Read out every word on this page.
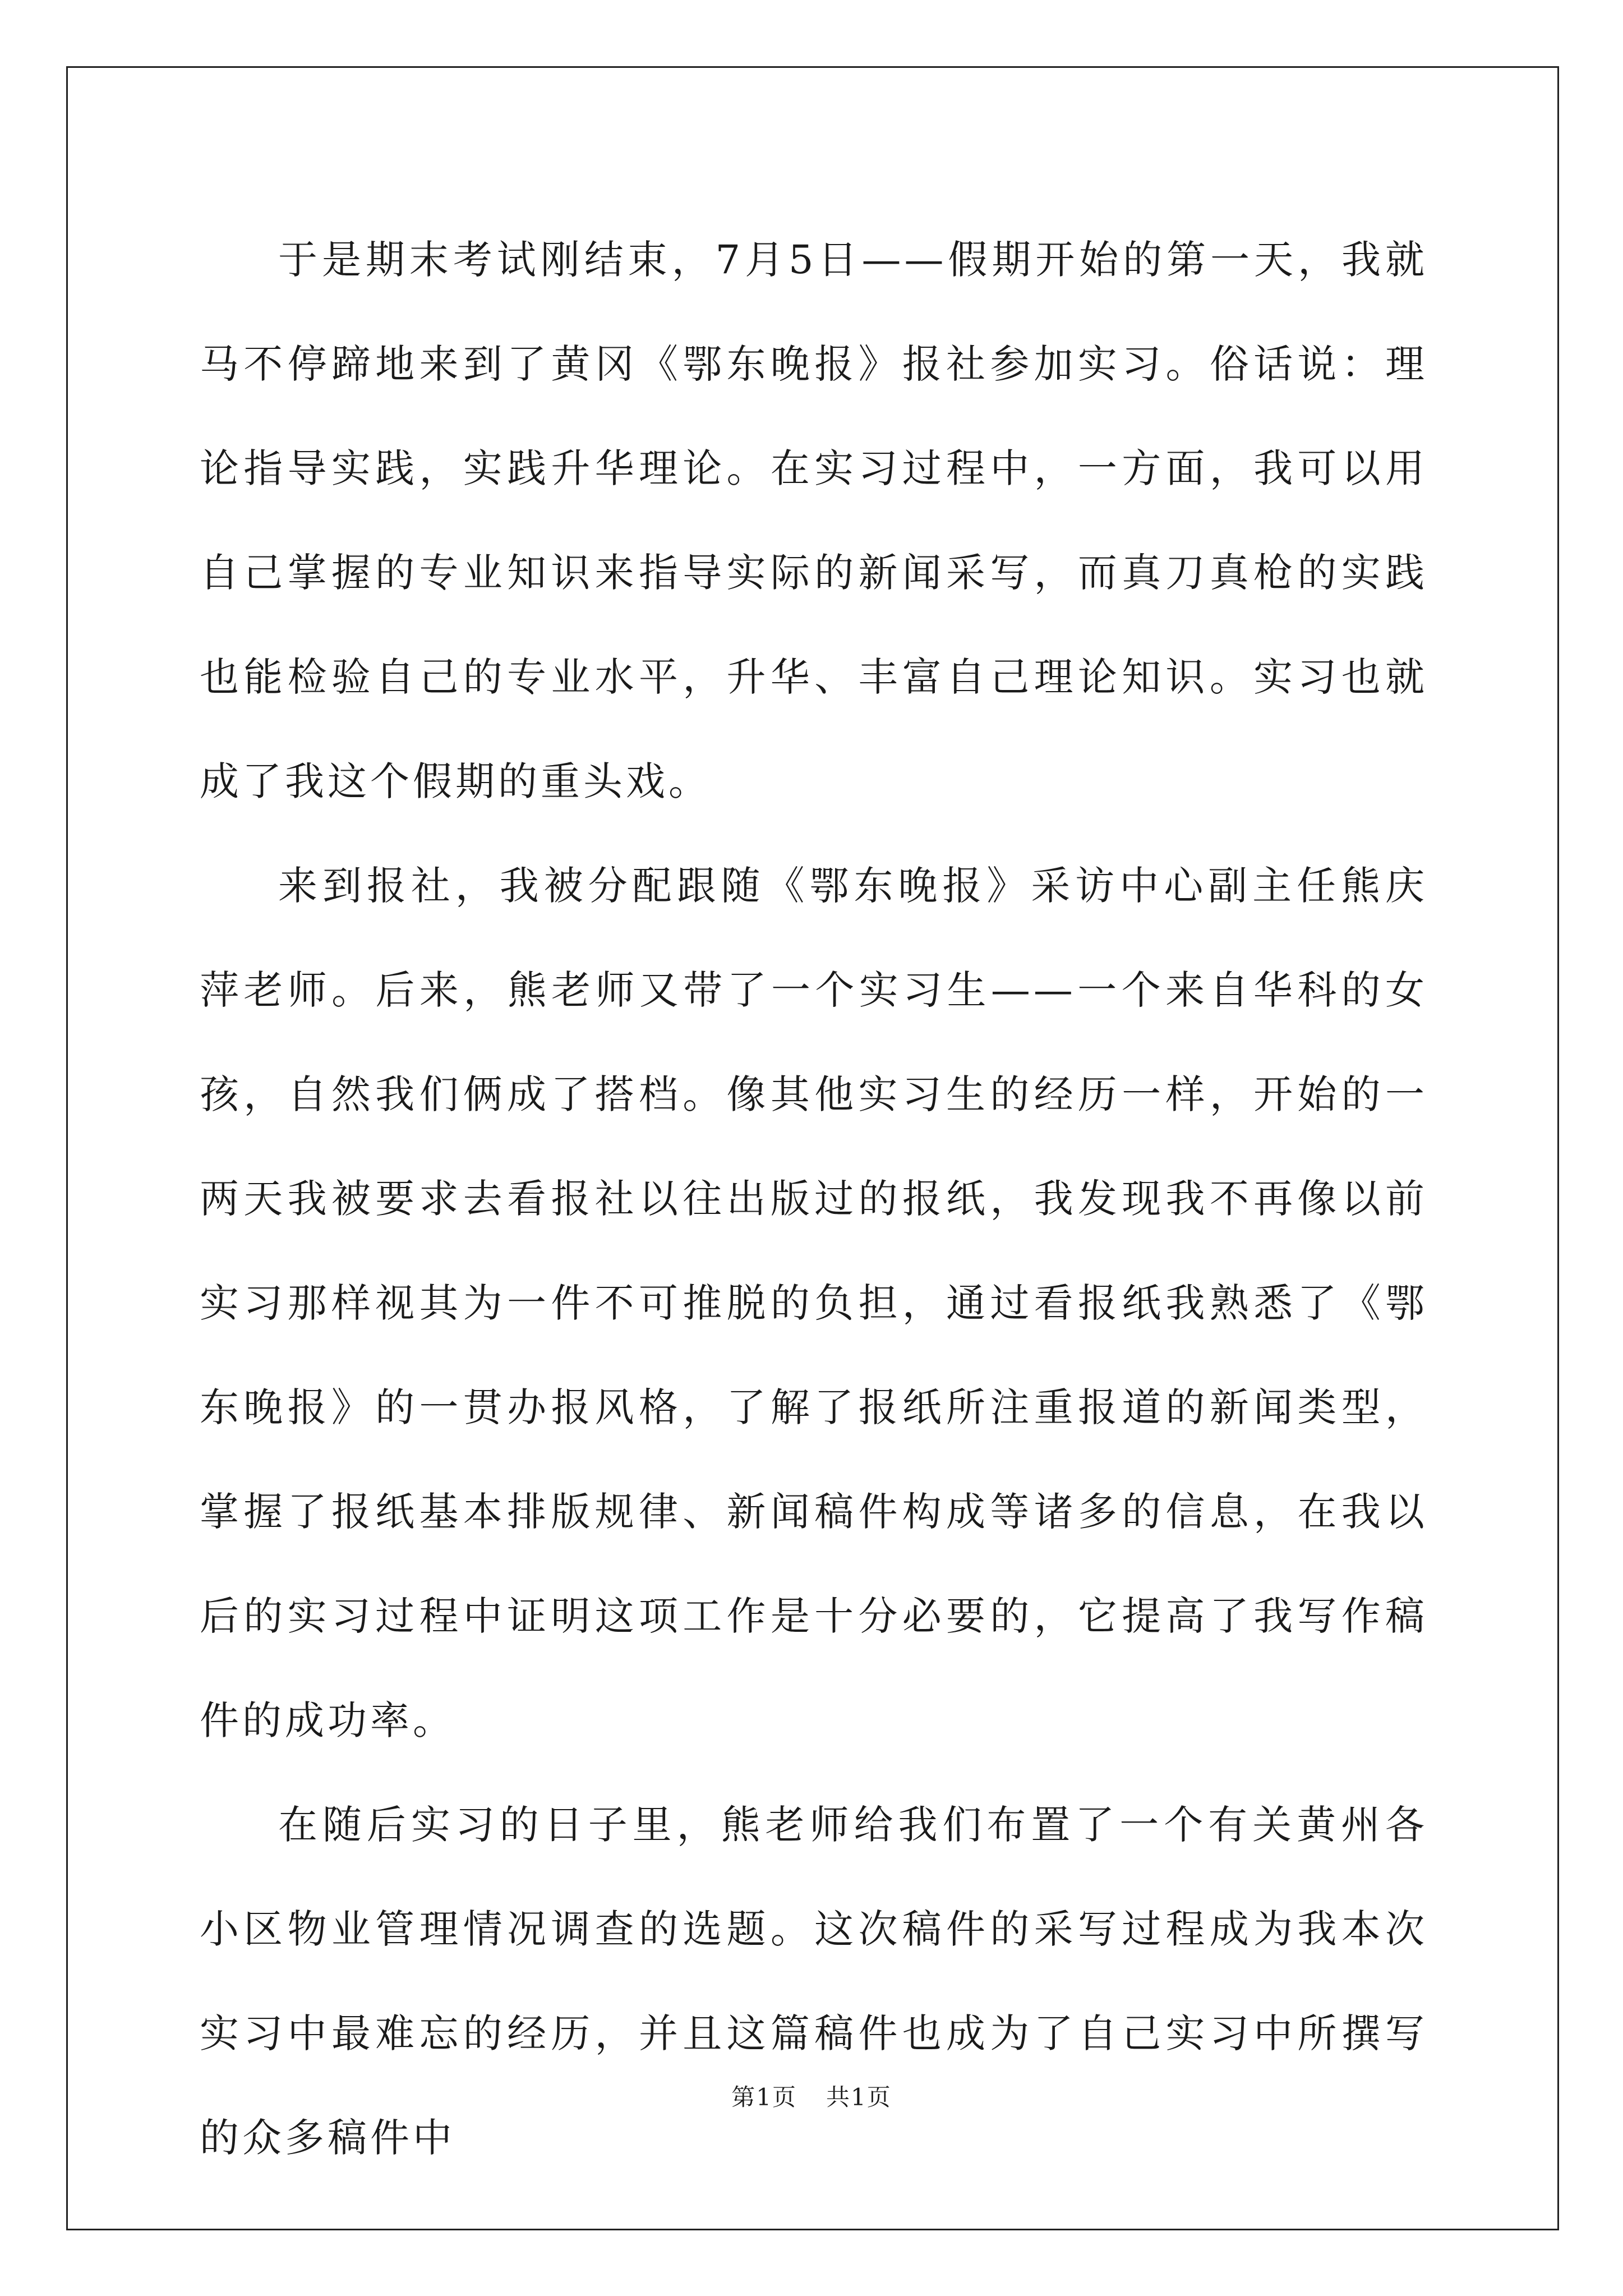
于是期末考试刚结束，7月5日——假期开始的第一天，我就马不停蹄地来到了黄冈《鄂东晚报》报社参加实习。俗话说：理论指导实践，实践升华理论。在实习过程中，一方面，我可以用自己掌握的专业知识来指导实际的新闻采写，而真刀真枪的实践也能检验自己的专业水平，升华、丰富自己理论知识。实习也就成了我这个假期的重头戏。

来到报社，我被分配跟随《鄂东晚报》采访中心副主任熊庆萍老师。后来，熊老师又带了一个实习生——一个来自华科的女孩，自然我们俩成了搭档。像其他实习生的经历一样，开始的一两天我被要求去看报社以往出版过的报纸，我发现我不再像以前实习那样视其为一件不可推脱的负担，通过看报纸我熟悉了《鄂东晚报》的一贯办报风格，了解了报纸所注重报道的新闻类型，掌握了报纸基本排版规律、新闻稿件构成等诸多的信息，在我以后的实习过程中证明这项工作是十分必要的，它提高了我写作稿件的成功率。

在随后实习的日子里，熊老师给我们布置了一个有关黄州各小区物业管理情况调查的选题。这次稿件的采写过程成为我本次实习中最难忘的经历，并且这篇稿件也成为了自己实习中所撰写的众多稿件中

第1页 共1页
